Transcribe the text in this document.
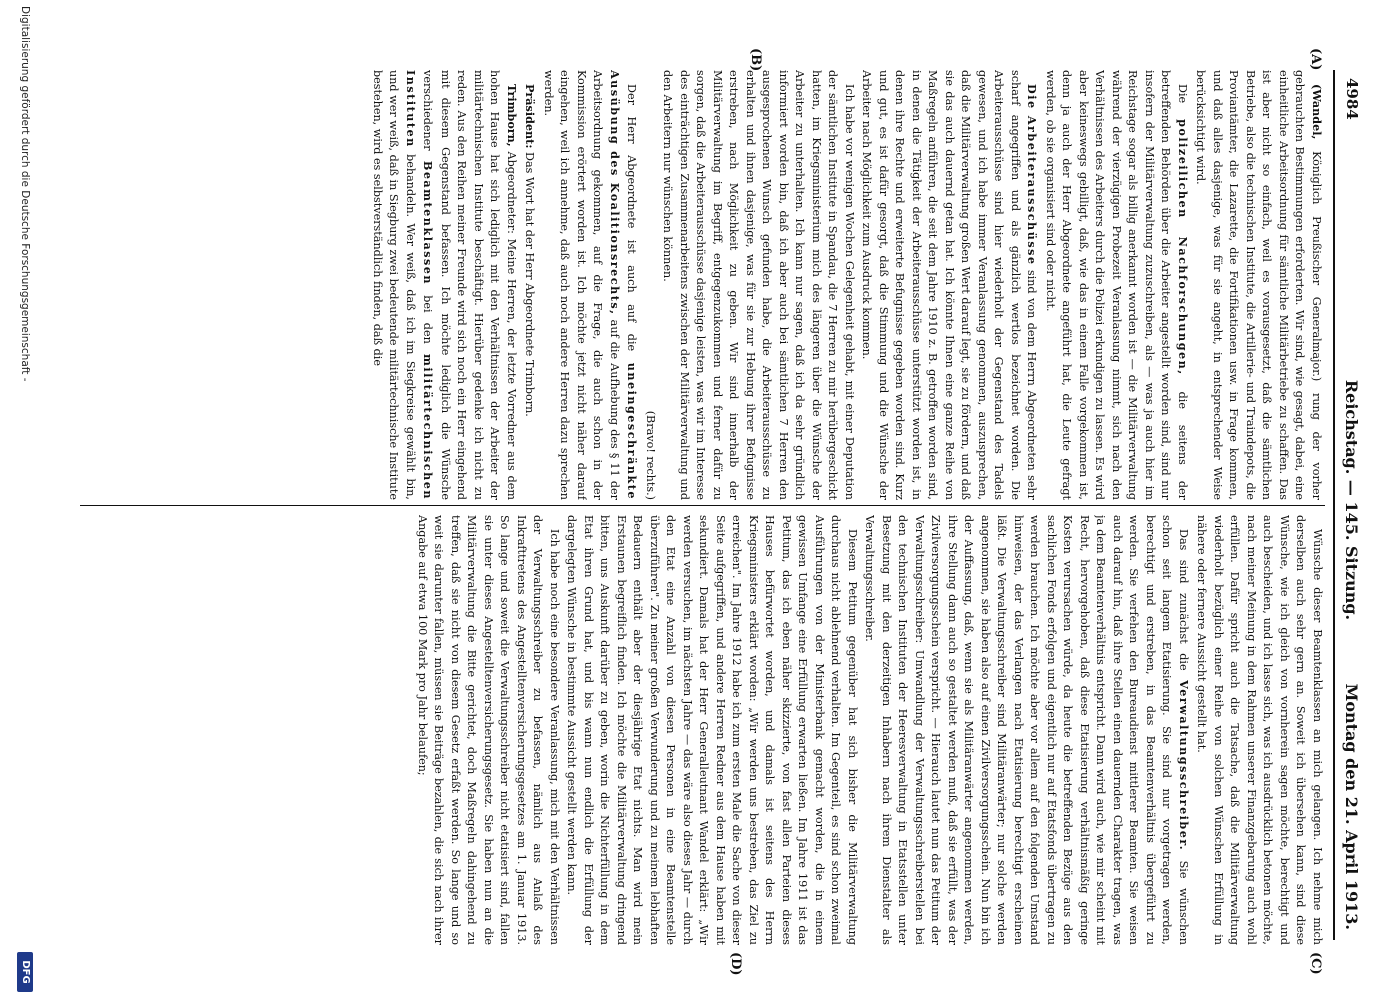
4984
Reichstag. — 145. Sitzung.
Montag den 21. April 1913.
(A)
(B)
(C)
(D)

(Wandel, Königlich Preußischer Generalmajor.) rung der vorher gebrauchten Bestimmungen erforderten. Wir sind, wie gesagt, dabei, eine einheitliche Arbeitsordnung für sämtliche Militärbetriebe zu schaffen. Das ist aber nicht so einfach, weil es vorausgesetzt, daß die sämtlichen Betriebe, also die technischen Institute, die Artillerie- und Traindepots, die Proviantämter, die Lazarette, die Fortifikationen usw. in Frage kommen, und daß alles dasjenige, was für sie angeht, in entsprechender Weise berücksichtigt wird.

Die polizeilichen Nachforschungen, die seitens der betreffenden Behörden über die Arbeiter angestellt worden sind, sind nur insofern der Militärverwaltung zuzuschreiben, als — was ja auch hier im Reichstage sogar als billig anerkannt worden ist — die Militärverwaltung während der vierzügigen Probezeit Veranlassung nimmt, sich nach den Verhältnissen des Arbeiters durch die Polizei erkundigen zu lassen. Es wird aber keineswegs gebilligt, daß, wie das in einem Falle vorgekommen ist, denn ja auch der Herr Abgeordnete angeführt hat, die Leute gefragt werden, ob sie organisiert sind oder nicht.

Die Arbeiterausschüsse sind von dem Herrn Abgeordneten sehr scharf angegriffen und als gänzlich wertlos bezeichnet worden. Die Arbeiterausschüsse sind hier wiederholt der Gegenstand des Tadels gewesen, und ich habe immer Veranlassung genommen, auszusprechen, daß die Militärverwaltung großen Wert darauf legt, sie zu fördern, und daß sie das auch dauernd getan hat. Ich könnte Ihnen eine ganze Reihe von Maßregeln anführen, die seit dem Jahre 1910 z. B. getroffen worden sind, in denen die Tätigkeit der Arbeiterausschüsse unterstützt worden ist, in denen ihre Rechte und erweiterte Befugnisse gegeben worden sind. Kurz und gut, es ist dafür gesorgt, daß die Stimmung und die Wünsche der Arbeiter nach Möglichkeit zum Ausdruck kommen.

Ich habe vor wenigen Wochen Gelegenheit gehabt, mit einer Deputation der sämtlichen Institute in Spandau, die 7 Herren zu mir herübergeschickt hatten, im Kriegsministerium mich des längeren über die Wünsche der Arbeiter zu unterhalten. Ich kann nur sagen, daß ich da sehr gründlich informiert worden bin, daß ich aber auch bei sämtlichen 7 Herren den ausgesprochenen Wunsch gefunden habe, die Arbeiterausschüsse zu erhalten und ihnen dasjenige, was für sie zur Hebung ihrer Befugnisse erstreben, nach Möglichkeit zu geben. Wir sind innerhalb der Militärverwaltung im Begriff, entgegenzukommen und ferner dafür zu sorgen, daß die Arbeiterausschüsse dasjenige leisten, was wir im Interesse des einträchtigen Zusammenarbeitens zwischen der Militärverwaltung und den Arbeitern nur wünschen können.

(Bravo! rechts.)

Der Herr Abgeordnete ist auch auf die uneingeschränkte Ausübung des Koalitionsrechts, auf die Aufhebung des § 11 der Arbeitsordnung gekommen, auf die Frage, die auch schon in der Kommission erörtert worden ist. Ich möchte jetzt nicht näher darauf eingehen, weil ich annehme, daß auch noch andere Herren dazu sprechen werden.

Präsident: Das Wort hat der Herr Abgeordnete Trimborn.

Trimborn, Abgeordneter: Meine Herren, der letzte Vorredner aus dem hohen Hause hat sich lediglich mit den Verhältnissen der Arbeiter der militärtechnischen Institute beschäftigt. Hierüber gedenke ich nicht zu reden. Aus den Reihen meiner Freunde wird sich noch ein Herr eingehend mit diesem Gegenstand befassen. Ich möchte lediglich die Wünsche verschiedener Beamtenklassen bei den militärtechnischen Instituten behandeln. Wer weiß, daß ich im Siegkreise gewählt bin, und wer weiß, daß in Siegburg zwei bedeutende militärtechnische Institute bestehen, wird es selbstverständlich finden, daß die

Wünsche dieser Beamtenklassen an mich gelangen. Ich nehme mich derselben auch sehr gern an. Soweit ich übersehen kann, sind diese Wünsche, wie ich gleich von vornherein sagen möchte, berechtigt und auch bescheiden, und ich lasse sich, was ich ausdrücklich betonen möchte, nach meiner Meinung in dem Rahmen unserer Finanzgebarung auch wohl erfüllen. Dafür spricht auch die Tatsache, daß die Militärverwaltung wiederholt bezüglich einer Reihe von solchen Wünschen Erfüllung in nähere oder fernere Aussicht gestellt hat.

Das sind zunächst die Verwaltungsschreiber. Sie wünschen schon seit langem Etatisierung. Sie sind nur vorgetragen werden, berechtigt und erstreben, in das Beamtenverhältnis übergeführt zu werden. Sie verfehen den Bureaudienst mittlerer Beamten. Sie weisen auch darauf hin, daß ihre Stellen einen dauernden Charakter tragen, was ja dem Beamtenverhältnis entspricht. Dann wird auch, wie mir scheint mit Recht, hervorgehoben, daß diese Etatisierung verhältnismäßig geringe Kosten verursachen würde, da heute die betreffenden Bezüge aus den sachlichen Fonds erfolgen und eigentlich nur auf Etatsfonds übertragen zu werden brauchen. Ich möchte aber vor allem auf den folgenden Umstand hinweisen, der das Verlangen nach Etatisierung berechtigt erscheinen läßt. Die Verwaltungsschreiber sind Militäranwärter; nur solche werden angenommen, sie haben also auf einen Zivilversorgungsschein. Nun bin ich der Auffassung, daß, wenn sie als Militäranwärter angenommen werden, ihre Stellung dann auch so gestaltet werden muß, daß sie erfüllt, was der Zivilversorgungsschein verspricht. — Hierauch lautet nun das Petitum der Verwaltungsschreiber: Umwandlung der Verwaltungsschreiberstellen bei den technischen Instituten der Heeresverwaltung in Etatsstellen unter Besetzung mit den derzeitigen Inhabern nach ihrem Dienstalter als Verwaltungsschreiber.

Diesem Petitum gegenüber hat sich bisher die Militärverwaltung durchaus nicht ablehnend verhalten. Im Gegenteil, es sind schon zweimal Ausführungen von der Ministerbank gemacht worden, die in einem gewissen Umfange eine Erfüllung erwarten ließen. Im Jahre 1911 ist das Petitum, das ich eben näher skizzierte, von fast allen Parteien dieses Hauses befürwortet worden, und damals ist seitens des Herrn Kriegsministers erklärt worden: „Wir werden uns bestreben, das Ziel zu erreichen". Im Jahre 1912 habe ich zum ersten Male die Sache von dieser Seite aufgegriffen, und andere Herren Redner aus dem Hause haben mit sekundiert. Damals hat der Herr Generalleutnant Wandel erklärt: „Wir werden versuchen, im nächsten Jahre — das wäre also dieses Jahr — durch den Etat eine Anzahl von diesen Personen in eine Beamtenstelle überzuführen". Zu meiner großen Verwunderung und zu meinem lebhaften Bedauern enthält aber der diesjährige Etat nichts. Man wird mein Erstaunen begreiflich finden. Ich möchte die Militärverwaltung dringend bitten, uns Auskunft darüber zu geben, worin die Nichterfüllung in dem Etat ihren Grund hat, und bis wann nun endlich die Erfüllung der dargelegten Wünsche in bestimmte Aussicht gestellt werden kann.

Ich habe noch eine besondere Veranlassung, mich mit den Verhältnissen der Verwaltungsschreiber zu befassen, nämlich aus Anlaß des Inkrafttretens des Angestelltenversicherungsgesetzes am 1. Januar 1913. So lange und soweit die Verwaltungsschreiber nicht etatisiert sind, fallen sie unter dieses Angestelltenversicherungsgesetz. Sie haben nun an die Militärverwaltung die Bitte gerichtet, doch Maßregeln dahingehend zu treffen, daß sie nicht von diesem Gesetz erfaßt werden. So lange und so weit sie darunter fallen, müssen sie Beiträge bezahlen, die sich nach ihrer Angabe auf etwa 100 Mark pro Jahr belaufen;

Digitalisierung gefördert durch die Deutsche Forschungsgemeinschaft -
DFG
